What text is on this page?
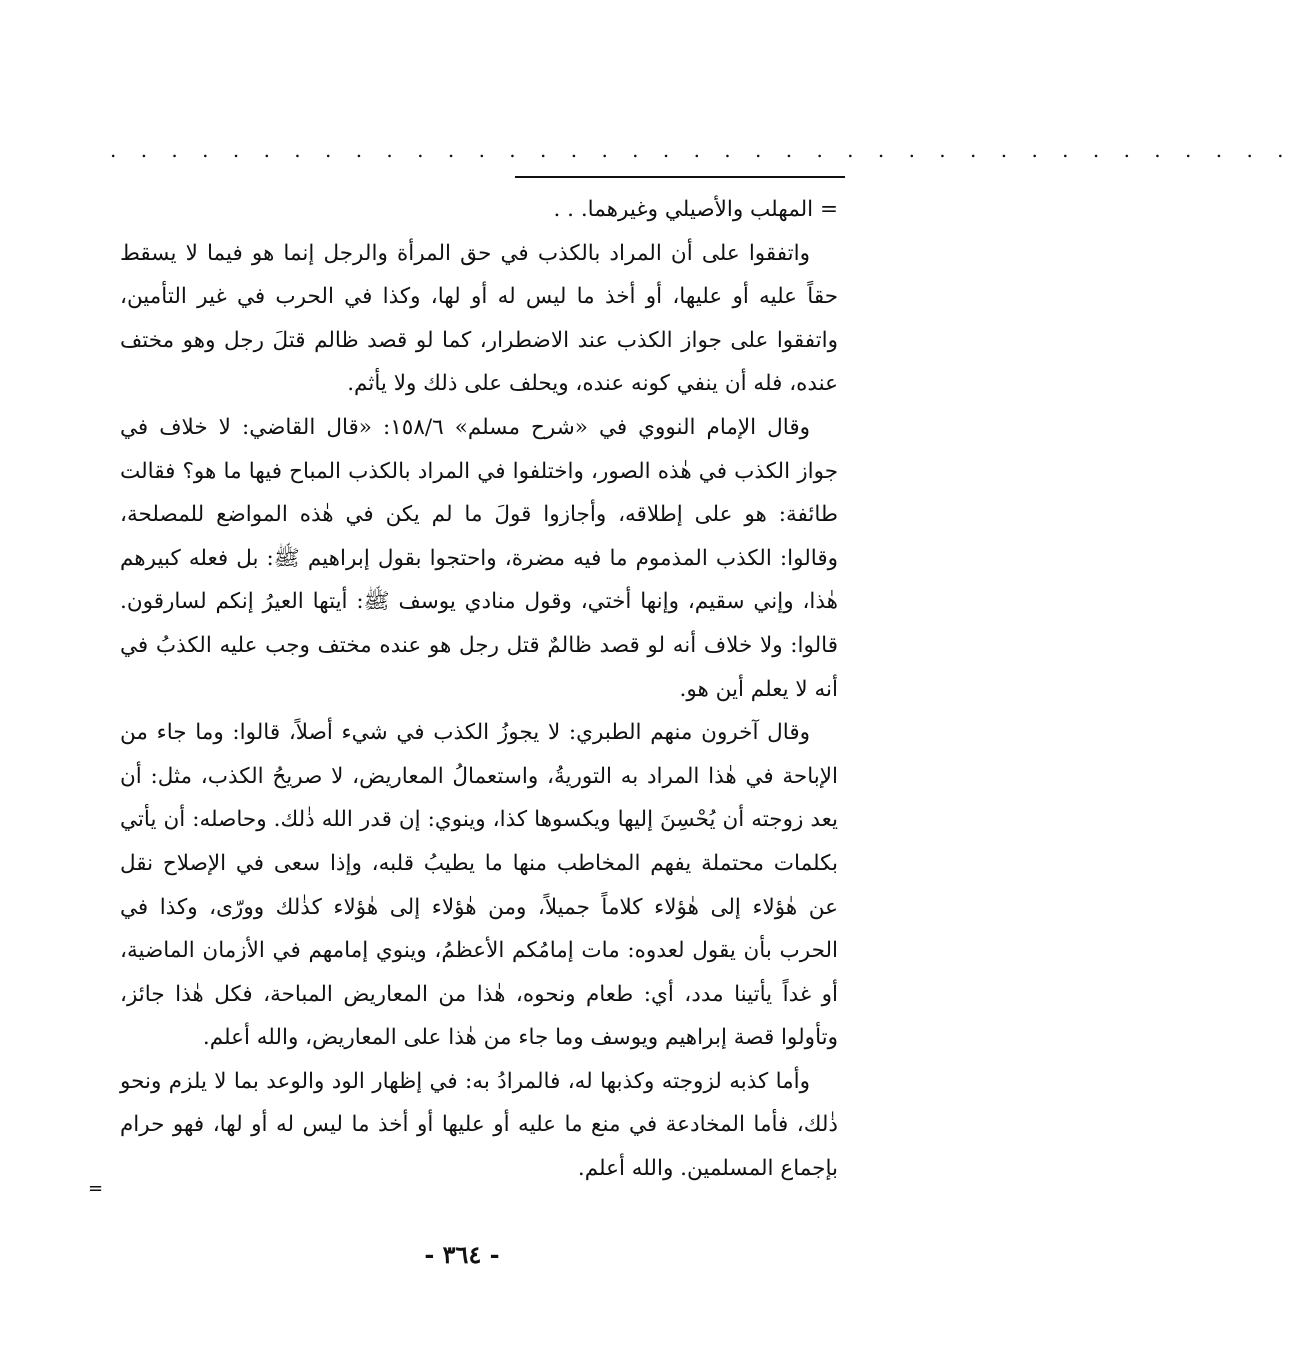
. . . . . . . . . . . . . . . . . . . . . . . . . . . . . . . . . . . . . . .

= المهلب والأصيلي وغيرهما. . .

واتفقوا على أن المراد بالكذب في حق المرأة والرجل إنما هو فيما لا يسقط حقاً عليه أو عليها، أو أخذ ما ليس له أو لها، وكذا في الحرب في غير التأمين، واتفقوا على جواز الكذب عند الاضطرار، كما لو قصد ظالم قتلَ رجل وهو مختف عنده، فله أن ينفي كونه عنده، ويحلف على ذلك ولا يأثم.

وقال الإمام النووي في «شرح مسلم» ١٥٨/٦: «قال القاضي: لا خلاف في جواز الكذب في هٰذه الصور، واختلفوا في المراد بالكذب المباح فيها ما هو؟ فقالت طائفة: هو على إطلاقه، وأجازوا قولَ ما لم يكن في هٰذه المواضع للمصلحة، وقالوا: الكذب المذموم ما فيه مضرة، واحتجوا بقول إبراهيم ﷺ: بل فعله كبيرهم هٰذا، وإني سقيم، وإنها أختي، وقول منادي يوسف ﷺ: أيتها العيرُ إنكم لسارقون. قالوا: ولا خلاف أنه لو قصد ظالمٌ قتل رجل هو عنده مختف وجب عليه الكذبُ في أنه لا يعلم أين هو.

وقال آخرون منهم الطبري: لا يجوزُ الكذب في شيء أصلاً، قالوا: وما جاء من الإباحة في هٰذا المراد به التوريةُ، واستعمالُ المعاريض، لا صريحُ الكذب، مثل: أن يعد زوجته أن يُحْسِنَ إليها ويكسوها كذا، وينوي: إن قدر الله ذٰلك. وحاصله: أن يأتي بكلمات محتملة يفهم المخاطب منها ما يطيبُ قلبه، وإذا سعى في الإصلاح نقل عن هٰؤلاء إلى هٰؤلاء كلاماً جميلاً، ومن هٰؤلاء إلى هٰؤلاء كذٰلك وورّى، وكذا في الحرب بأن يقول لعدوه: مات إمامُكم الأعظمُ، وينوي إمامهم في الأزمان الماضية، أو غداً يأتينا مدد، أي: طعام ونحوه، هٰذا من المعاريض المباحة، فكل هٰذا جائز، وتأولوا قصة إبراهيم ويوسف وما جاء من هٰذا على المعاريض، والله أعلم.

وأما كذبه لزوجته وكذبها له، فالمرادُ به: في إظهار الود والوعد بما لا يلزم ونحو ذٰلك، فأما المخادعة في منع ما عليه أو عليها أو أخذ ما ليس له أو لها، فهو حرام بإجماع المسلمين. والله أعلم.

=
- ٣٦٤ -
